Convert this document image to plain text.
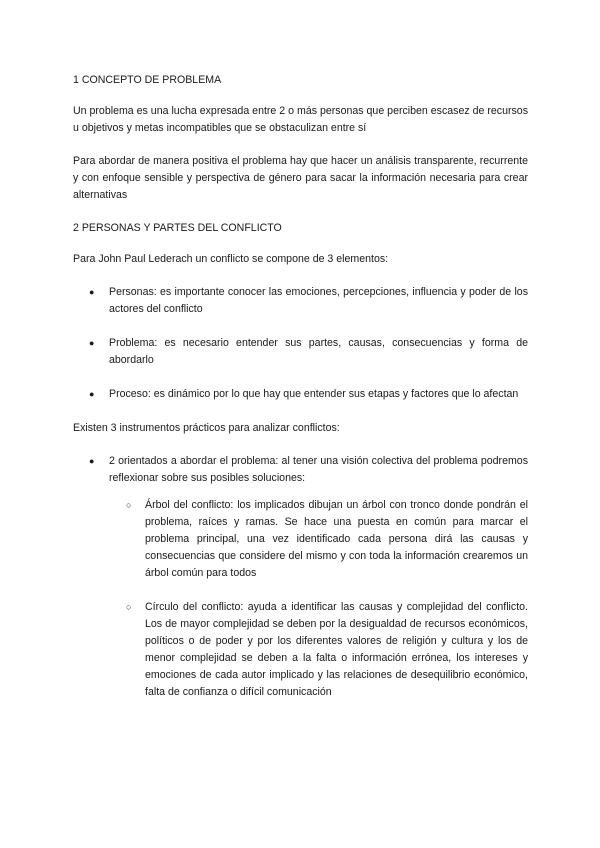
1 CONCEPTO DE PROBLEMA

Un problema es una lucha expresada entre 2 o más personas que perciben escasez de recursos u objetivos y metas incompatibles que se obstaculizan entre sí

Para abordar de manera positiva el problema hay que hacer un análisis transparente, recurrente y con enfoque sensible y perspectiva de género para sacar la información necesaria para crear alternativas

2 PERSONAS Y PARTES DEL CONFLICTO

Para John Paul Lederach un conflicto se compone de 3 elementos:

● Personas: es importante conocer las emociones, percepciones, influencia y poder de los actores del conflicto
● Problema: es necesario entender sus partes, causas, consecuencias y forma de abordarlo
● Proceso: es dinámico por lo que hay que entender sus etapas y factores que lo afectan

Existen 3 instrumentos prácticos para analizar conflictos:

● 2 orientados a abordar el problema: al tener una visión colectiva del problema podremos reflexionar sobre sus posibles soluciones:
○ Árbol del conflicto: los implicados dibujan un árbol con tronco donde pondrán el problema, raíces y ramas. Se hace una puesta en común para marcar el problema principal, una vez identificado cada persona dirá las causas y consecuencias que considere del mismo y con toda la información crearemos un árbol común para todos
○ Círculo del conflicto: ayuda a identificar las causas y complejidad del conflicto. Los de mayor complejidad se deben por la desigualdad de recursos económicos, políticos o de poder y por los diferentes valores de religión y cultura y los de menor complejidad se deben a la falta o información errónea, los intereses y emociones de cada autor implicado y las relaciones de desequilibrio económico, falta de confianza o difícil comunicación
